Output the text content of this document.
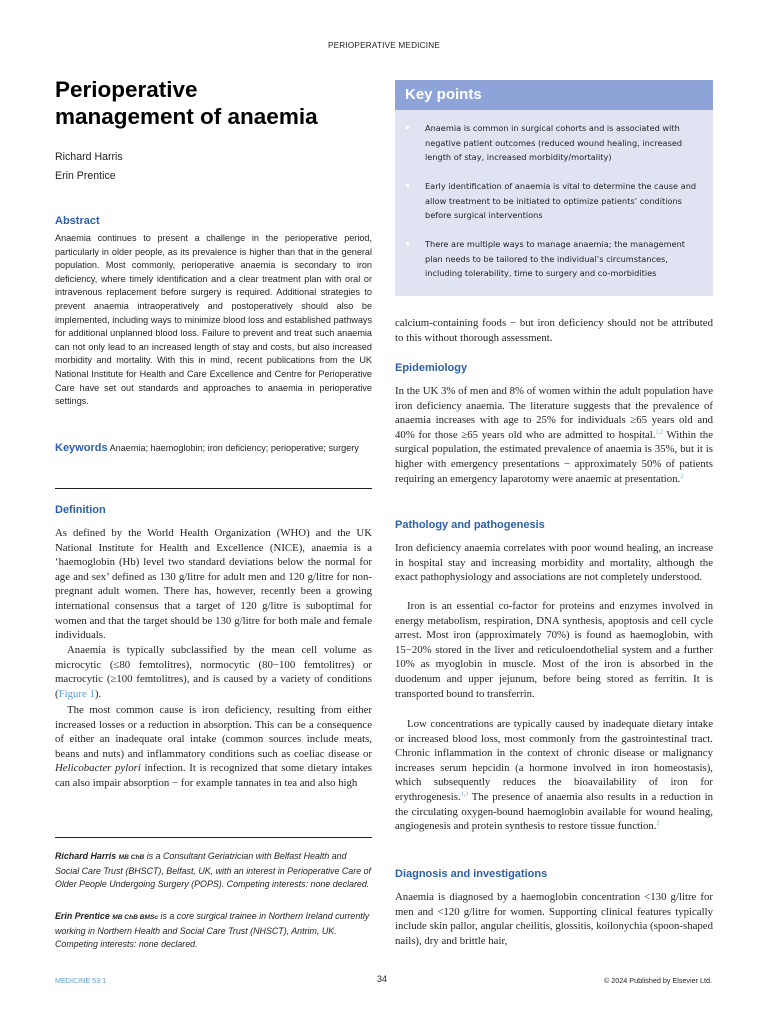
PERIOPERATIVE MEDICINE
Perioperative
management of anaemia
Richard Harris
Erin Prentice
Abstract

Anaemia continues to present a challenge in the perioperative period, particularly in older people, as its prevalence is higher than that in the general population. Most commonly, perioperative anaemia is secondary to iron deficiency, where timely identification and a clear treatment plan with oral or intravenous replacement before surgery is required. Additional strategies to prevent anaemia intraoperatively and postoperatively should also be implemented, including ways to minimize blood loss and established pathways for additional unplanned blood loss. Failure to prevent and treat such anaemia can not only lead to an increased length of stay and costs, but also increased morbidity and mortality. With this in mind, recent publications from the UK National Institute for Health and Care Excellence and Centre for Perioperative Care have set out standards and approaches to anaemia in perioperative settings.

Keywords Anaemia; haemoglobin; iron deficiency; perioperative; surgery
Definition

As defined by the World Health Organization (WHO) and the UK National Institute for Health and Excellence (NICE), anaemia is a ‘haemoglobin (Hb) level two standard deviations below the normal for age and sex’ defined as 130 g/litre for adult men and 120 g/litre for non-pregnant adult women. There has, however, recently been a growing international consensus that a target of 120 g/litre is suboptimal for women and that the target should be 130 g/litre for both male and female individuals.

Anaemia is typically subclassified by the mean cell volume as microcytic (≤80 femtolitres), normocytic (80−100 femtolitres) or macrocytic (≥100 femtolitres), and is caused by a variety of conditions (Figure 1).

The most common cause is iron deficiency, resulting from either increased losses or a reduction in absorption. This can be a consequence of either an inadequate oral intake (common sources include meats, beans and nuts) and inflammatory conditions such as coeliac disease or Helicobacter pylori infection. It is recognized that some dietary intakes can also impair absorption − for example tannates in tea and also high

Richard Harris MB ChB is a Consultant Geriatrician with Belfast Health and Social Care Trust (BHSCT), Belfast, UK, with an interest in Perioperative Care of Older People Undergoing Surgery (POPS). Competing interests: none declared.

Erin Prentice MB ChB BMSc is a core surgical trainee in Northern Ireland currently working in Northern Health and Social Care Trust (NHSCT), Antrim, UK. Competing interests: none declared.

Key points
Anaemia is common in surgical cohorts and is associated with negative patient outcomes (reduced wound healing, increased length of stay, increased morbidity/mortality)
Early identification of anaemia is vital to determine the cause and allow treatment to be initiated to optimize patients’ conditions before surgical interventions
There are multiple ways to manage anaemia; the management plan needs to be tailored to the individual’s circumstances, including tolerability, time to surgery and co-morbidities

calcium-containing foods − but iron deficiency should not be attributed to this without thorough assessment.

Epidemiology

In the UK 3% of men and 8% of women within the adult population have iron deficiency anaemia. The literature suggests that the prevalence of anaemia increases with age to 25% for individuals ≥65 years old and 40% for those ≥65 years old who are admitted to hospital.$^{1,2}$ Within the surgical population, the estimated prevalence of anaemia is 35%, but it is higher with emergency presentations − approximately 50% of patients requiring an emergency laparotomy were anaemic at presentation.$^2$

Pathology and pathogenesis

Iron deficiency anaemia correlates with poor wound healing, an increase in hospital stay and increasing morbidity and mortality, although the exact pathophysiology and associations are not completely understood.

Iron is an essential co-factor for proteins and enzymes involved in energy metabolism, respiration, DNA synthesis, apoptosis and cell cycle arrest. Most iron (approximately 70%) is found as haemoglobin, with 15−20% stored in the liver and reticuloendothelial system and a further 10% as myoglobin in muscle. Most of the iron is absorbed in the duodenum and upper jejunum, before being stored as ferritin. It is transported bound to transferrin.

Low concentrations are typically caused by inadequate dietary intake or increased blood loss, most commonly from the gastrointestinal tract. Chronic inflammation in the context of chronic disease or malignancy increases serum hepcidin (a hormone involved in iron homeostasis), which subsequently reduces the bioavailability of iron for erythrogenesis.$^{1,3}$ The presence of anaemia also results in a reduction in the circulating oxygen-bound haemoglobin available for wound healing, angiogenesis and protein synthesis to restore tissue function.$^2$

Diagnosis and investigations

Anaemia is diagnosed by a haemoglobin concentration <130 g/litre for men and <120 g/litre for women. Supporting clinical features typically include skin pallor, angular cheilitis, glossitis, koilonychia (spoon-shaped nails), dry and brittle hair,

MEDICINE 53:1	34	© 2024 Published by Elsevier Ltd.
